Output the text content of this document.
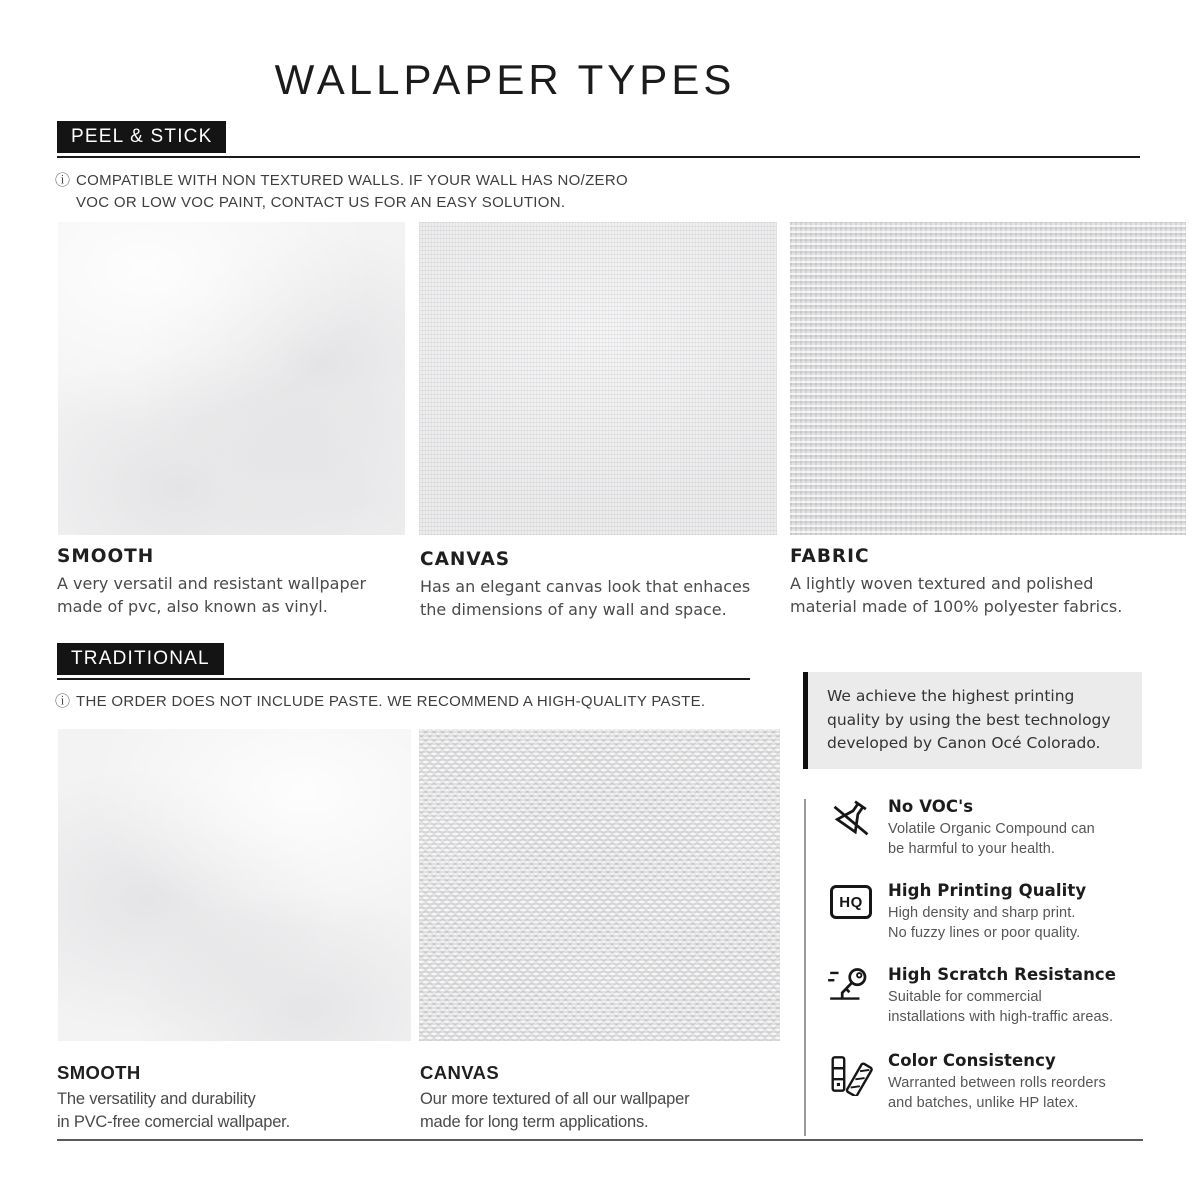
WALLPAPER TYPES
PEEL & STICK
ⓘ COMPATIBLE WITH NON TEXTURED WALLS. IF YOUR WALL HAS NO/ZERO
VOC OR LOW VOC PAINT, CONTACT US FOR AN EASY SOLUTION.
SMOOTH
A very versatil and resistant wallpaper
made of pvc, also known as vinyl.
CANVAS
Has an elegant canvas look that enhaces
the dimensions of any wall and space.
FABRIC
A lightly woven textured and polished
material made of 100% polyester fabrics.
TRADITIONAL
ⓘ THE ORDER DOES NOT INCLUDE PASTE. WE RECOMMEND A HIGH-QUALITY PASTE.
SMOOTH
The versatility and durability
in PVC-free comercial wallpaper.
CANVAS
Our more textured of all our wallpaper
made for long term applications.
We achieve the highest printing
quality by using the best technology
developed by Canon Océ Colorado.
No VOC's
Volatile Organic Compound can
be harmful to your health.
HQ
High Printing Quality
High density and sharp print.
No fuzzy lines or poor quality.
High Scratch Resistance
Suitable for commercial
installations with high-traffic areas.
Color Consistency
Warranted between rolls reorders
and batches, unlike HP latex.
